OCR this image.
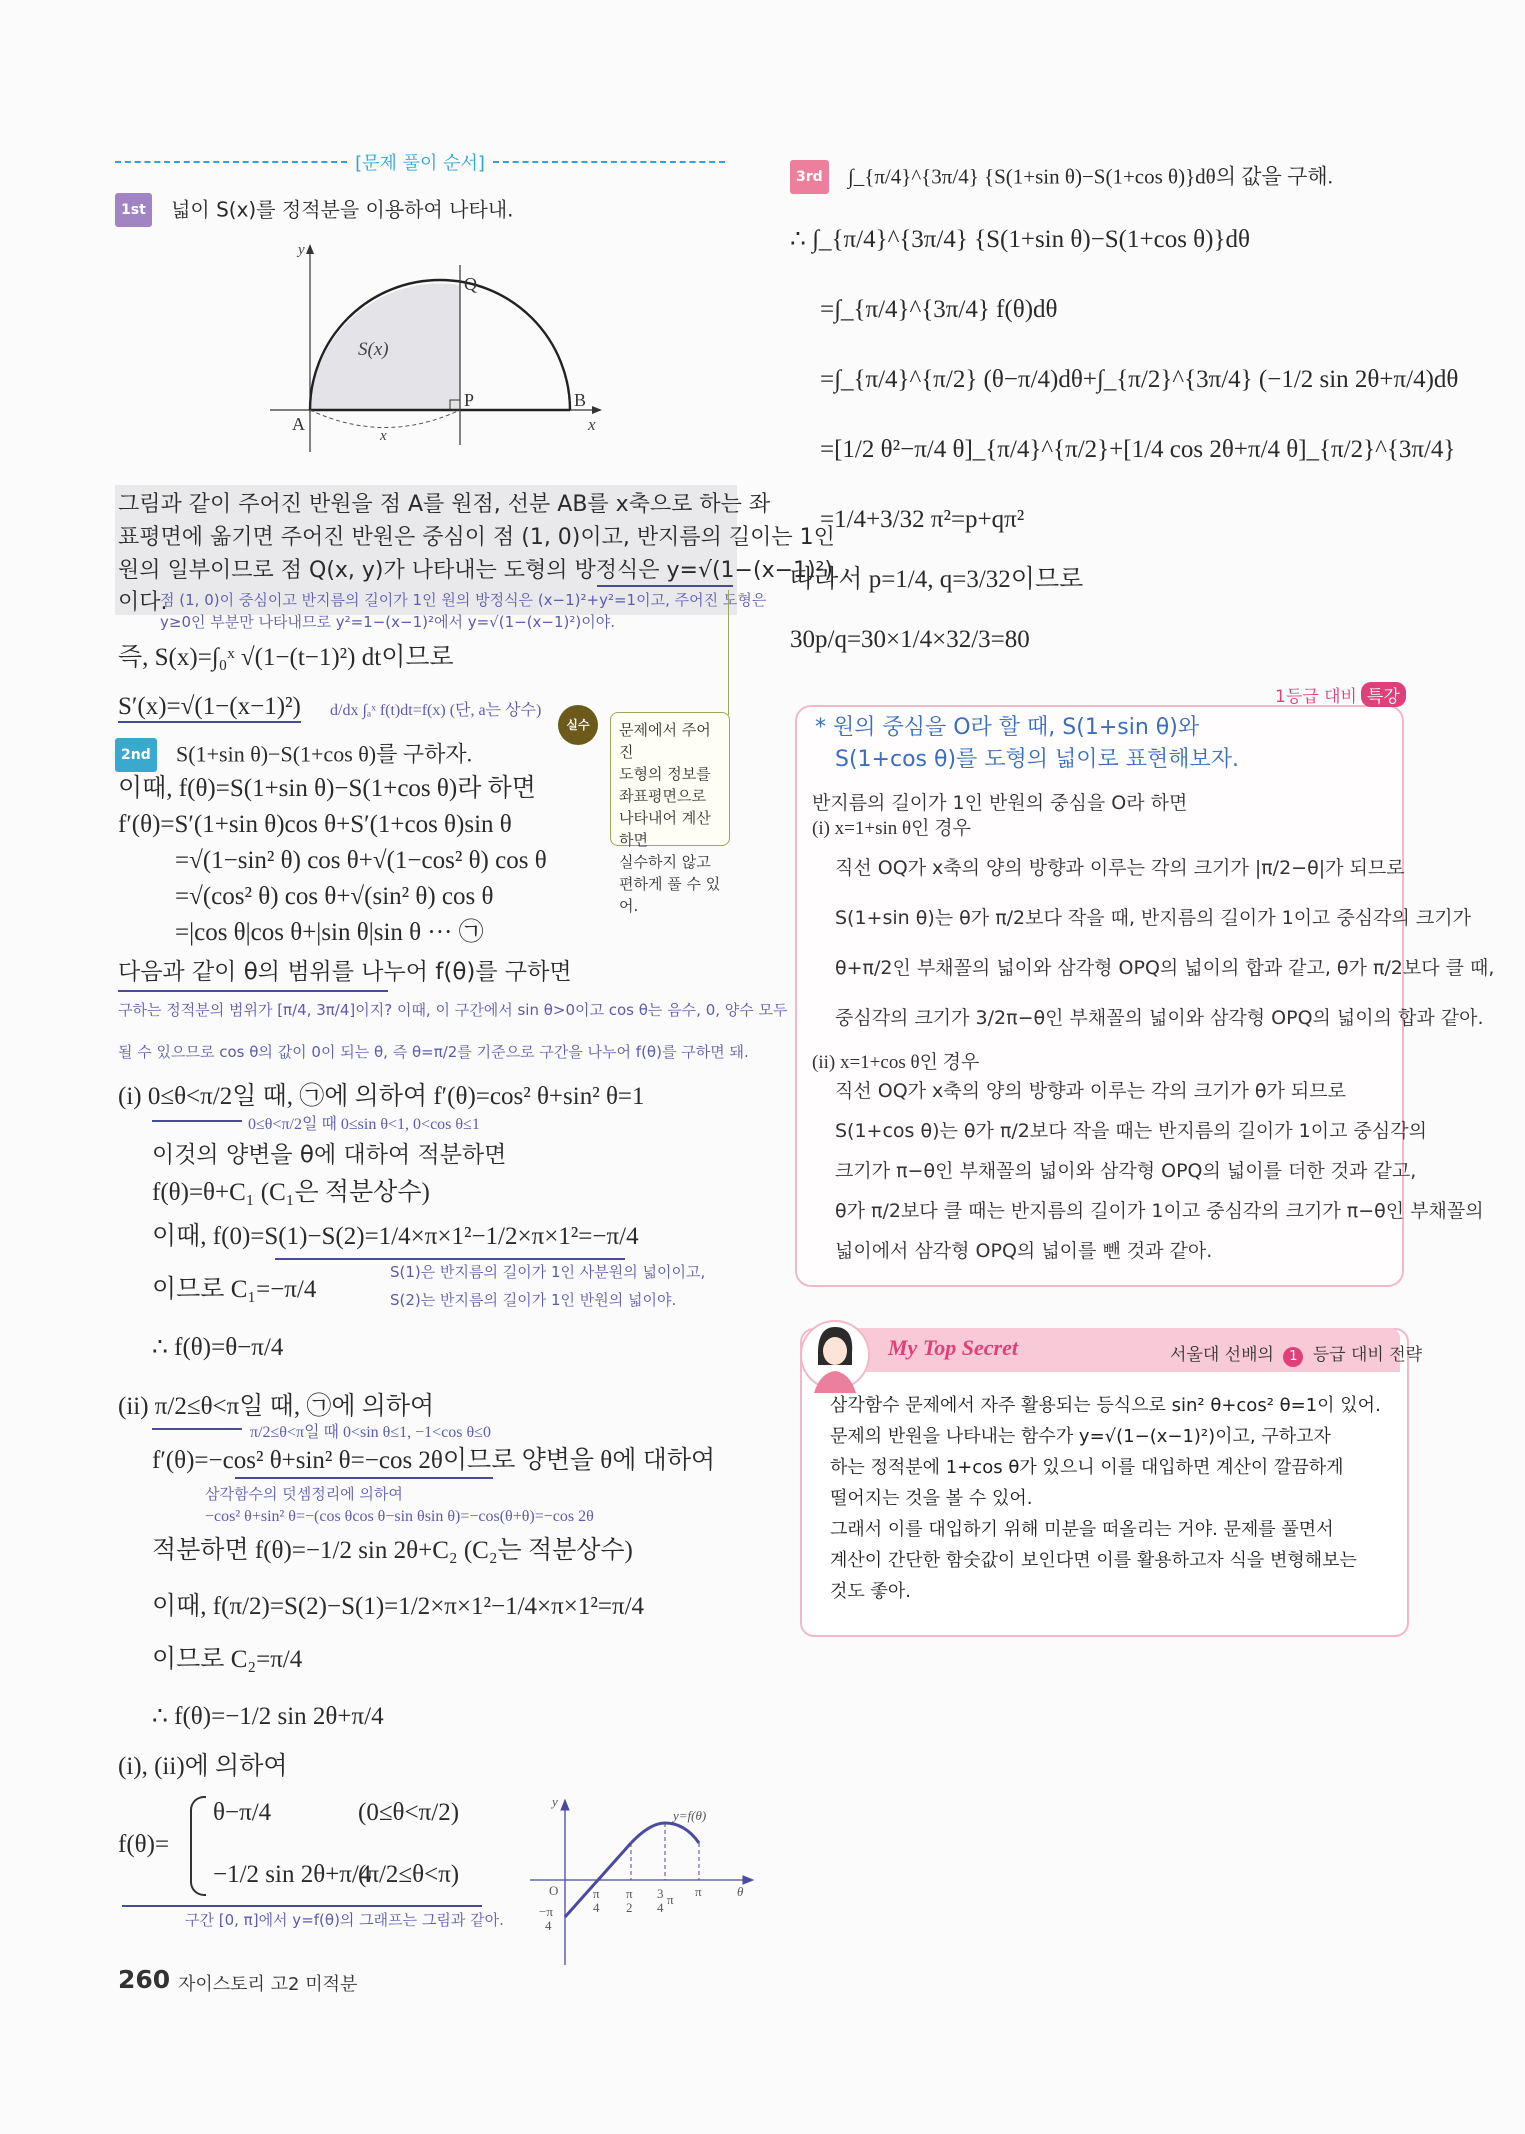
[문제 풀이 순서]
1st 넓이 S(x)를 정적분을 이용하여 나타내.
y
x
A
B
P
Q
S(x)
x
그림과 같이 주어진 반원을 점 A를 원점, 선분 AB를 x축으로 하는 좌
표평면에 옮기면 주어진 반원은 중심이 점 (1, 0)이고, 반지름의 길이는 1인
원의 일부이므로 점 Q(x, y)가 나타내는 도형의 방정식은 y=√(1−(x−1)²)
이다.
점 (1, 0)이 중심이고 반지름의 길이가 1인 원의 방정식은 (x−1)²+y²=1이고, 주어진 도형은
y≥0인 부분만 나타내므로 y²=1−(x−1)²에서 y=√(1−(x−1)²)이야.
즉, S(x)=∫₀ˣ √(1−(t−1)²) dt이므로
S′(x)=√(1−(x−1)²) d/dx ∫ₐˣ f(t)dt=f(x) (단, a는 상수)
실수	문제에서 주어진
도형의 정보를
좌표평면으로
나타내어 계산하면
실수하지 않고
편하게 풀 수 있어.
2nd S(1+sin θ)−S(1+cos θ)를 구하자.
이때, f(θ)=S(1+sin θ)−S(1+cos θ)라 하면
f′(θ)=S′(1+sin θ)cos θ+S′(1+cos θ)sin θ
=√(1−sin² θ) cos θ+√(1−cos² θ) cos θ
=√(cos² θ) cos θ+√(sin² θ) cos θ
=|cos θ|cos θ+|sin θ|sin θ ··· ㉠
다음과 같이 θ의 범위를 나누어 f(θ)를 구하면
구하는 정적분의 범위가 [π/4, 3π/4]이지? 이때, 이 구간에서 sin θ>0이고 cos θ는 음수, 0, 양수 모두
될 수 있으므로 cos θ의 값이 0이 되는 θ, 즉 θ=π/2를 기준으로 구간을 나누어 f(θ)를 구하면 돼.
(i) 0≤θ<π/2일 때, ㉠에 의하여 f′(θ)=cos² θ+sin² θ=1
0≤θ<π/2일 때 0≤sin θ<1, 0<cos θ≤1
이것의 양변을 θ에 대하여 적분하면
f(θ)=θ+C₁ (C₁은 적분상수)
이때, f(0)=S(1)−S(2)=1/4×π×1²−1/2×π×1²=−π/4
S(1)은 반지름의 길이가 1인 사분원의 넓이이고,
S(2)는 반지름의 길이가 1인 반원의 넓이야.
이므로 C₁=−π/4
∴ f(θ)=θ−π/4
(ii) π/2≤θ<π일 때, ㉠에 의하여
π/2≤θ<π일 때 0<sin θ≤1, −1<cos θ≤0
f′(θ)=−cos² θ+sin² θ=−cos 2θ이므로 양변을 θ에 대하여
삼각함수의 덧셈정리에 의하여
−cos² θ+sin² θ=−(cos θcos θ−sin θsin θ)=−cos(θ+θ)=−cos 2θ
적분하면 f(θ)=−1/2 sin 2θ+C₂ (C₂는 적분상수)
이때, f(π/2)=S(2)−S(1)=1/2×π×1²−1/4×π×1²=π/4
이므로 C₂=π/4
∴ f(θ)=−1/2 sin 2θ+π/4
(i), (ii)에 의하여
f(θ)=
θ−π/4	(0≤θ<π/2)
−1/2 sin 2θ+π/4
(π/2≤θ<π)
구간 [0, π]에서 y=f(θ)의 그래프는 그림과 같아.
y
O	θ
π
4
π
2
3
4
π
π
−π
4
y=f(θ)
260 자이스토리 고2 미적분
3rd ∫_{π/4}^{3π/4} {S(1+sin θ)−S(1+cos θ)}dθ의 값을 구해.
∴ ∫_{π/4}^{3π/4} {S(1+sin θ)−S(1+cos θ)}dθ
=∫_{π/4}^{3π/4} f(θ)dθ
=∫_{π/4}^{π/2} (θ−π/4)dθ+∫_{π/2}^{3π/4} (−1/2 sin 2θ+π/4)dθ
=[1/2 θ²−π/4 θ]_{π/4}^{π/2}+[1/4 cos 2θ+π/4 θ]_{π/2}^{3π/4}
=1/4+3/32 π²=p+qπ²
따라서 p=1/4, q=3/32이므로
30p/q=30×1/4×32/3=80
1등급 대비 특강
* 원의 중심을 O라 할 때, S(1+sin θ)와
S(1+cos θ)를 도형의 넓이로 표현해보자.
반지름의 길이가 1인 반원의 중심을 O라 하면
(i) x=1+sin θ인 경우
직선 OQ가 x축의 양의 방향과 이루는 각의 크기가 |π/2−θ|가 되므로
S(1+sin θ)는 θ가 π/2보다 작을 때, 반지름의 길이가 1이고 중심각의 크기가
θ+π/2인 부채꼴의 넓이와 삼각형 OPQ의 넓이의 합과 같고, θ가 π/2보다 클 때,
중심각의 크기가 3/2π−θ인 부채꼴의 넓이와 삼각형 OPQ의 넓이의 합과 같아.
(ii) x=1+cos θ인 경우
직선 OQ가 x축의 양의 방향과 이루는 각의 크기가 θ가 되므로
S(1+cos θ)는 θ가 π/2보다 작을 때는 반지름의 길이가 1이고 중심각의
크기가 π−θ인 부채꼴의 넓이와 삼각형 OPQ의 넓이를 더한 것과 같고,
θ가 π/2보다 클 때는 반지름의 길이가 1이고 중심각의 크기가 π−θ인 부채꼴의
넓이에서 삼각형 OPQ의 넓이를 뺀 것과 같아.
My Top Secret	서울대 선배의 1 등급 대비 전략
삼각함수 문제에서 자주 활용되는 등식으로 sin² θ+cos² θ=1이 있어.
문제의 반원을 나타내는 함수가 y=√(1−(x−1)²)이고, 구하고자
하는 정적분에 1+cos θ가 있으니 이를 대입하면 계산이 깔끔하게
떨어지는 것을 볼 수 있어.
그래서 이를 대입하기 위해 미분을 떠올리는 거야. 문제를 풀면서
계산이 간단한 함숫값이 보인다면 이를 활용하고자 식을 변형해보는
것도 좋아.
